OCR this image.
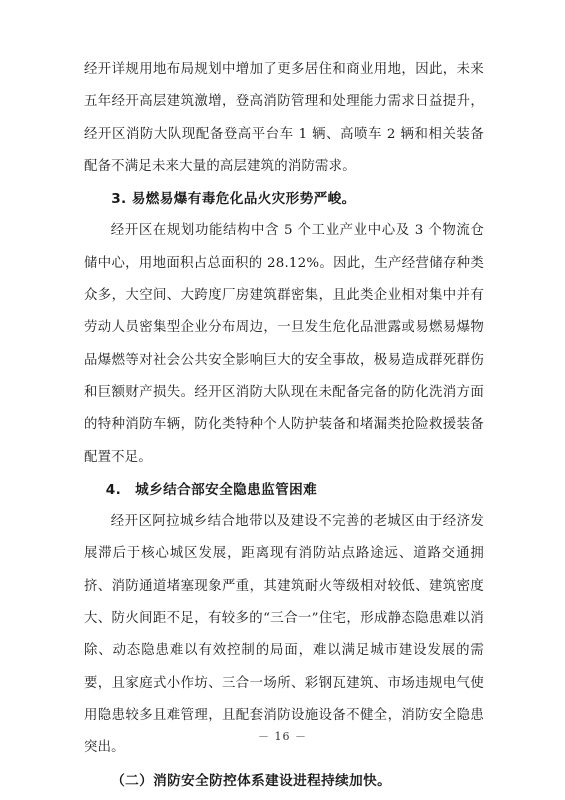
经开详规用地布局规划中增加了更多居住和商业用地，因此，未来五年经开高层建筑激增，登高消防管理和处理能力需求日益提升，经开区消防大队现配备登高平台车 1 辆、高喷车 2 辆和相关装备配备不满足未来大量的高层建筑的消防需求。

3. 易燃易爆有毒危化品火灾形势严峻。

经开区在规划功能结构中含 5 个工业产业中心及 3 个物流仓储中心，用地面积占总面积的 28.12%。因此，生产经营储存种类众多，大空间、大跨度厂房建筑群密集，且此类企业相对集中并有劳动人员密集型企业分布周边，一旦发生危化品泄露或易燃易爆物品爆燃等对社会公共安全影响巨大的安全事故，极易造成群死群伤和巨额财产损失。经开区消防大队现在未配备完备的防化洗消方面的特种消防车辆，防化类特种个人防护装备和堵漏类抢险救援装备配置不足。

4.　城乡结合部安全隐患监管困难

经开区阿拉城乡结合地带以及建设不完善的老城区由于经济发展滞后于核心城区发展，距离现有消防站点路途远、道路交通拥挤、消防通道堵塞现象严重，其建筑耐火等级相对较低、建筑密度大、防火间距不足，有较多的“三合一”住宅，形成静态隐患难以消除、动态隐患难以有效控制的局面，难以满足城市建设发展的需要，且家庭式小作坊、三合一场所、彩钢瓦建筑、市场违规电气使用隐患较多且难管理，且配套消防设施设备不健全，消防安全隐患突出。

（二）消防安全防控体系建设进程持续加快。

－ 16 －
